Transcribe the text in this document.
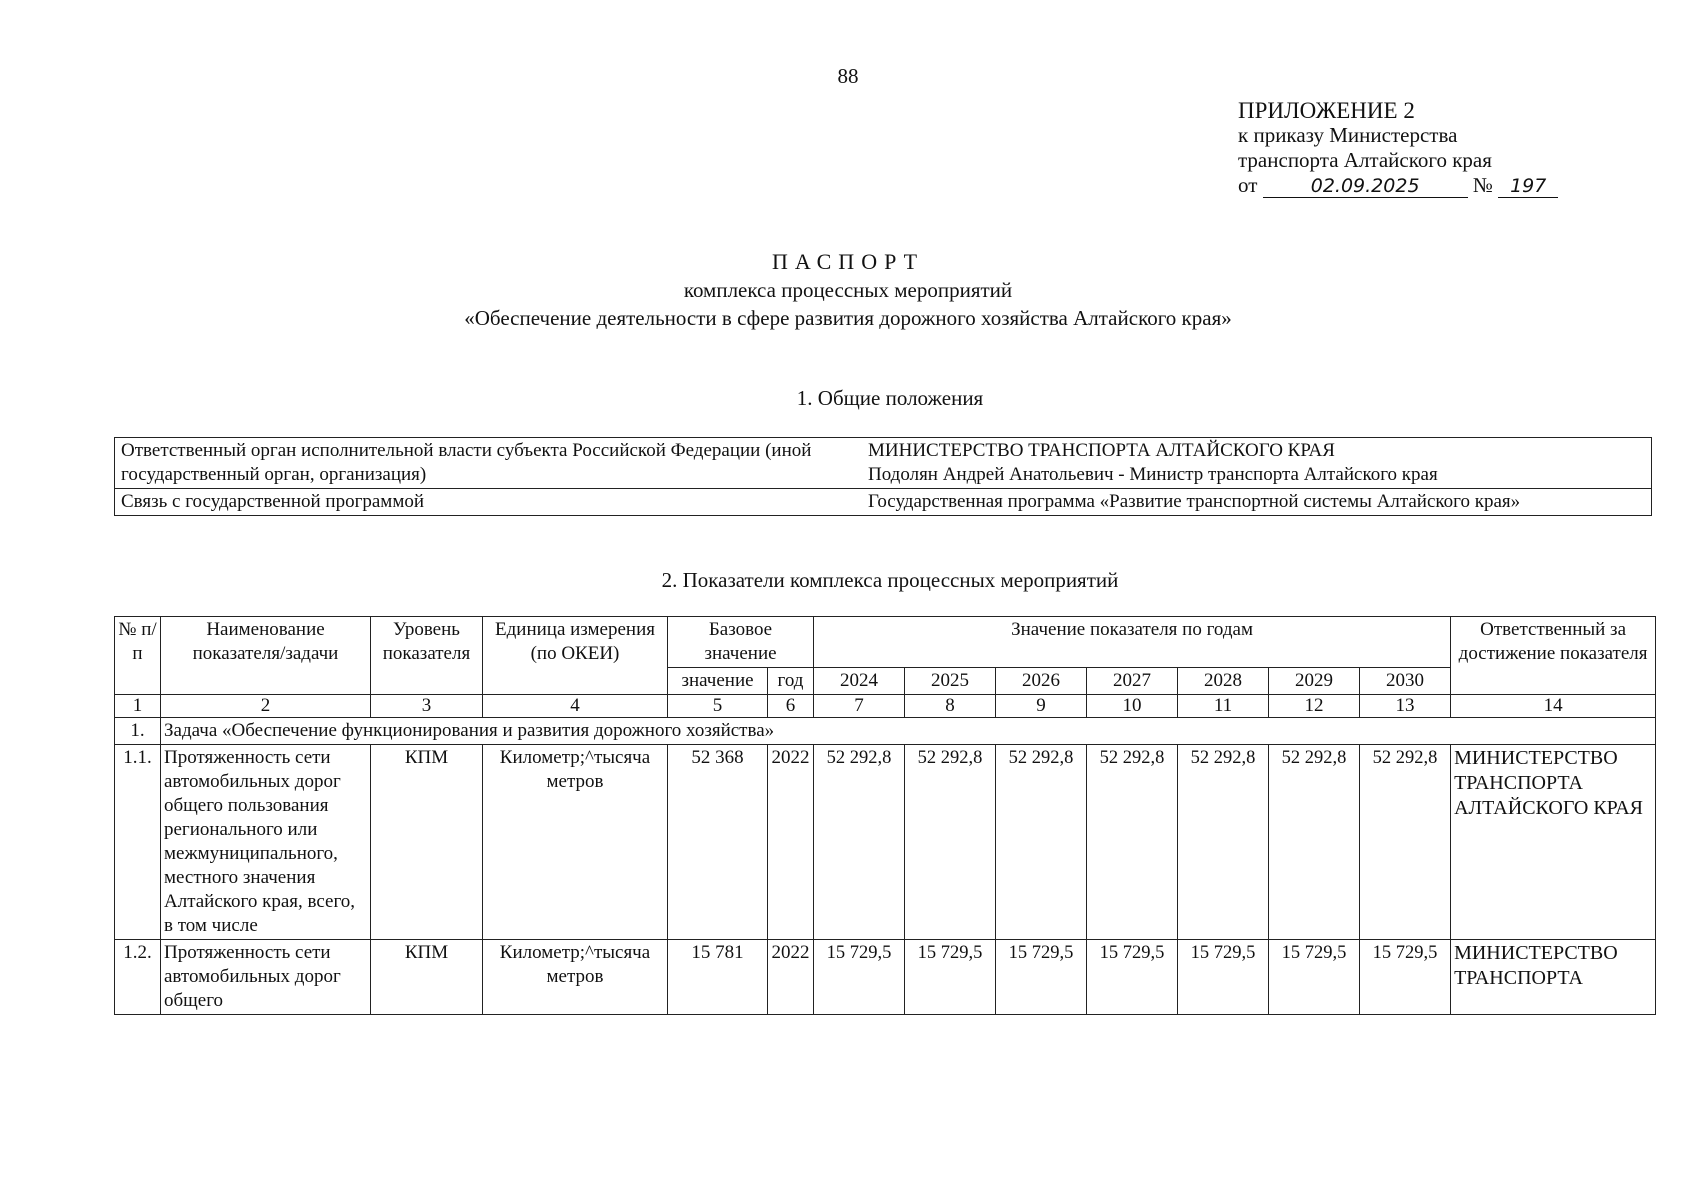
88
ПРИЛОЖЕНИЕ 2
к приказу Министерства
транспорта Алтайского края
от	02.09.2025	№ 197
ПАСПОРТ
комплекса процессных мероприятий
«Обеспечение деятельности в сфере развития дорожного хозяйства Алтайского края»
1. Общие положения
Ответственный орган исполнительной власти субъекта Российской Федерации (иной государственный орган, организация)	МИНИСТЕРСТВО ТРАНСПОРТА АЛТАЙСКОГО КРАЯ
Подолян Андрей Анатольевич - Министр транспорта Алтайского края

Связь с государственной программой	Государственная программа «Развитие транспортной системы Алтайского края»
2. Показатели комплекса процессных мероприятий
№ п/п	Наименование показателя/задачи	Уровень показателя	Единица измерения (по ОКЕИ)	Базовое значение		Значение показателя по годам							Ответственный за достижение показателя

				значение	год	2024	2025	2026	2027	2028	2029	2030	
1	2	3	4	5	6	7	8	9	10	11	12	13	14
1.	Задача «Обеспечение функционирования и развития дорожного хозяйства»												
1.1.	Протяженность сети автомобильных дорог общего пользования регионального или межмуниципального, местного значения Алтайского края, всего, в том числе	КПМ	Километр;^тысяча метров	52 368	2022	52 292,8	52 292,8	52 292,8	52 292,8	52 292,8	52 292,8	52 292,8	МИНИСТЕРСТВО ТРАНСПОРТА АЛТАЙСКОГО КРАЯ
1.2.	Протяженность сети автомобильных дорог общего	КПМ	Километр;^тысяча метров	15 781	2022	15 729,5	15 729,5	15 729,5	15 729,5	15 729,5	15 729,5	15 729,5	МИНИСТЕРСТВО ТРАНСПОРТА
